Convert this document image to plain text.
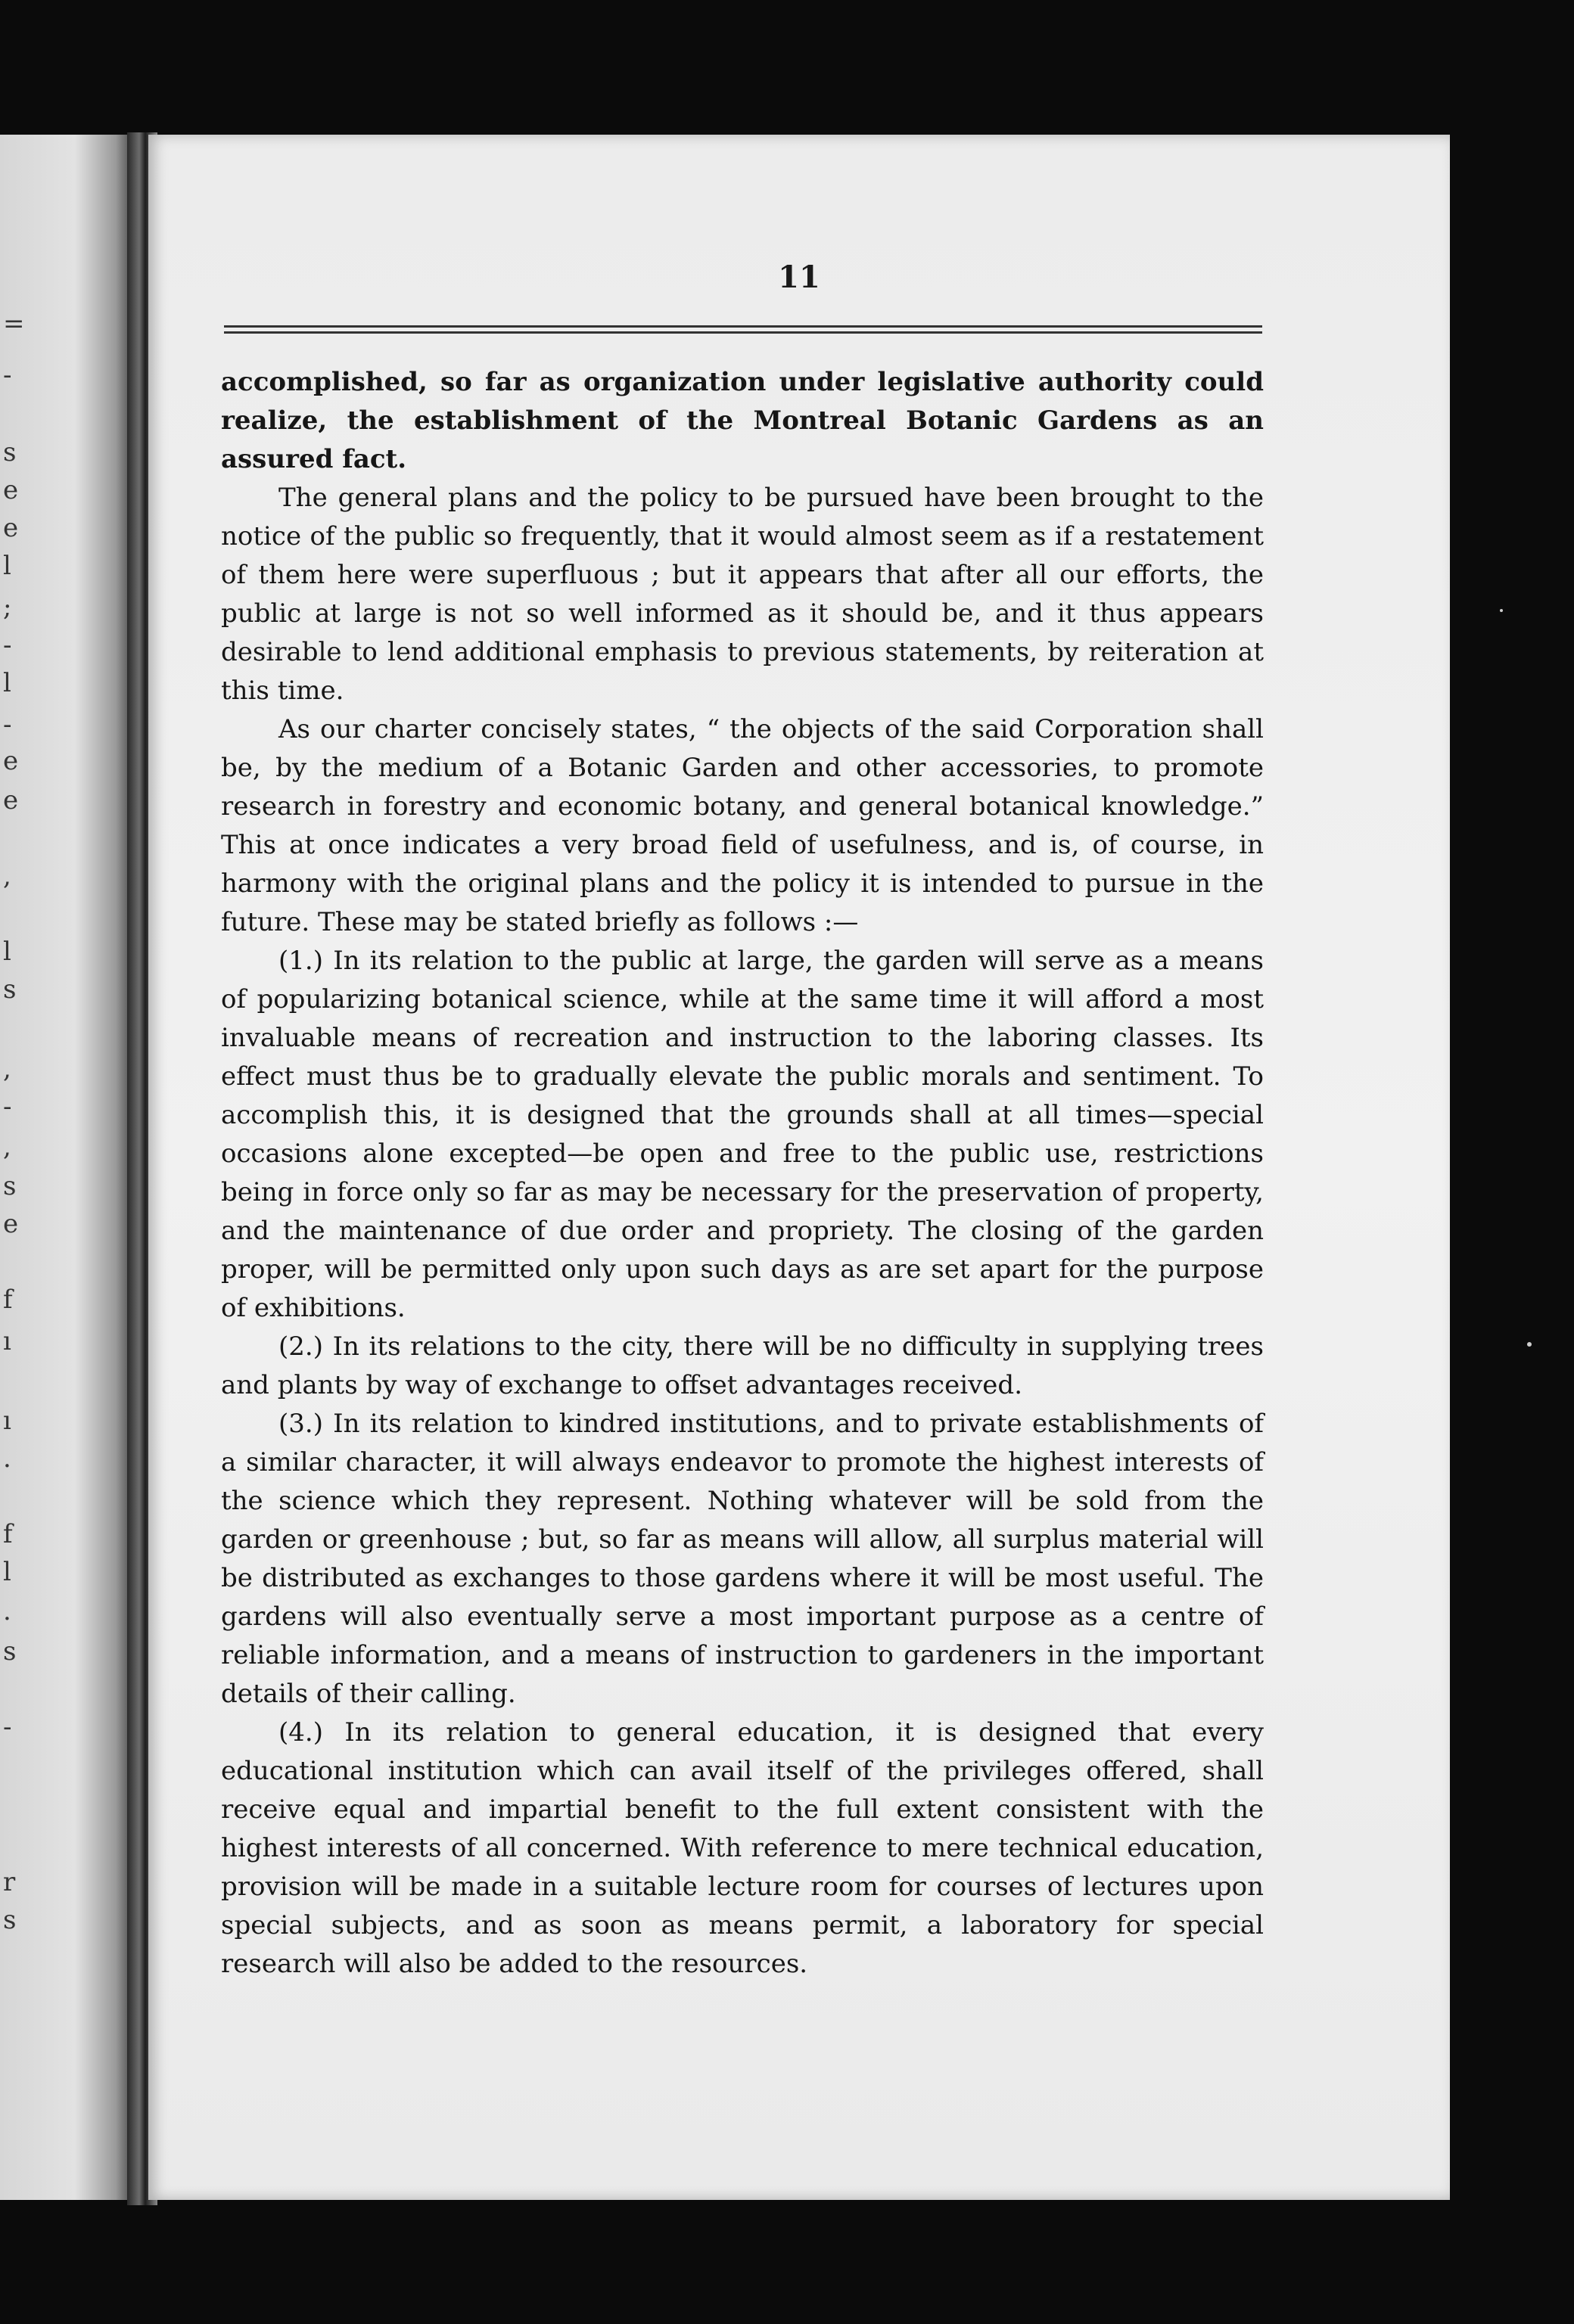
=
-
s
e
e
l
;
-
l
-
e
e
,
l
s
,
-
,
s
e
f
ı
ı
.
f
l
.
s
-
r
s
11

accomplished, so far as organization under legislative authority could realize, the establishment of the Montreal Botanic Gardens as an assured fact.

The general plans and the policy to be pursued have been brought to the notice of the public so frequently, that it would almost seem as if a restatement of them here were superfluous ; but it appears that after all our efforts, the public at large is not so well informed as it should be, and it thus appears desirable to lend additional emphasis to previous statements, by reiteration at this time.

As our charter concisely states, “ the objects of the said Corporation shall be, by the medium of a Botanic Garden and other accessories, to promote research in forestry and economic botany, and general botanical knowledge.” This at once indicates a very broad field of usefulness, and is, of course, in harmony with the original plans and the policy it is intended to pursue in the future. These may be stated briefly as follows :—

(1.) In its relation to the public at large, the garden will serve as a means of popularizing botanical science, while at the same time it will afford a most invaluable means of recreation and instruction to the laboring classes. Its effect must thus be to gradually elevate the public morals and sentiment. To accomplish this, it is designed that the grounds shall at all times—special occasions alone excepted—be open and free to the public use, restrictions being in force only so far as may be necessary for the preservation of property, and the maintenance of due order and propriety. The closing of the garden proper, will be permitted only upon such days as are set apart for the purpose of exhibitions.

(2.) In its relations to the city, there will be no difficulty in supplying trees and plants by way of exchange to offset advantages received.

(3.) In its relation to kindred institutions, and to private establishments of a similar character, it will always endeavor to promote the highest interests of the science which they represent. Nothing whatever will be sold from the garden or greenhouse ; but, so far as means will allow, all surplus material will be distributed as exchanges to those gardens where it will be most useful. The gardens will also eventually serve a most important purpose as a centre of reliable information, and a means of instruction to gardeners in the important details of their calling.

(4.) In its relation to general education, it is designed that every educational institution which can avail itself of the privileges offered, shall receive equal and impartial benefit to the full extent consistent with the highest interests of all concerned. With reference to mere technical education, provision will be made in a suitable lecture room for courses of lectures upon special subjects, and as soon as means permit, a laboratory for special research will also be added to the resources.
